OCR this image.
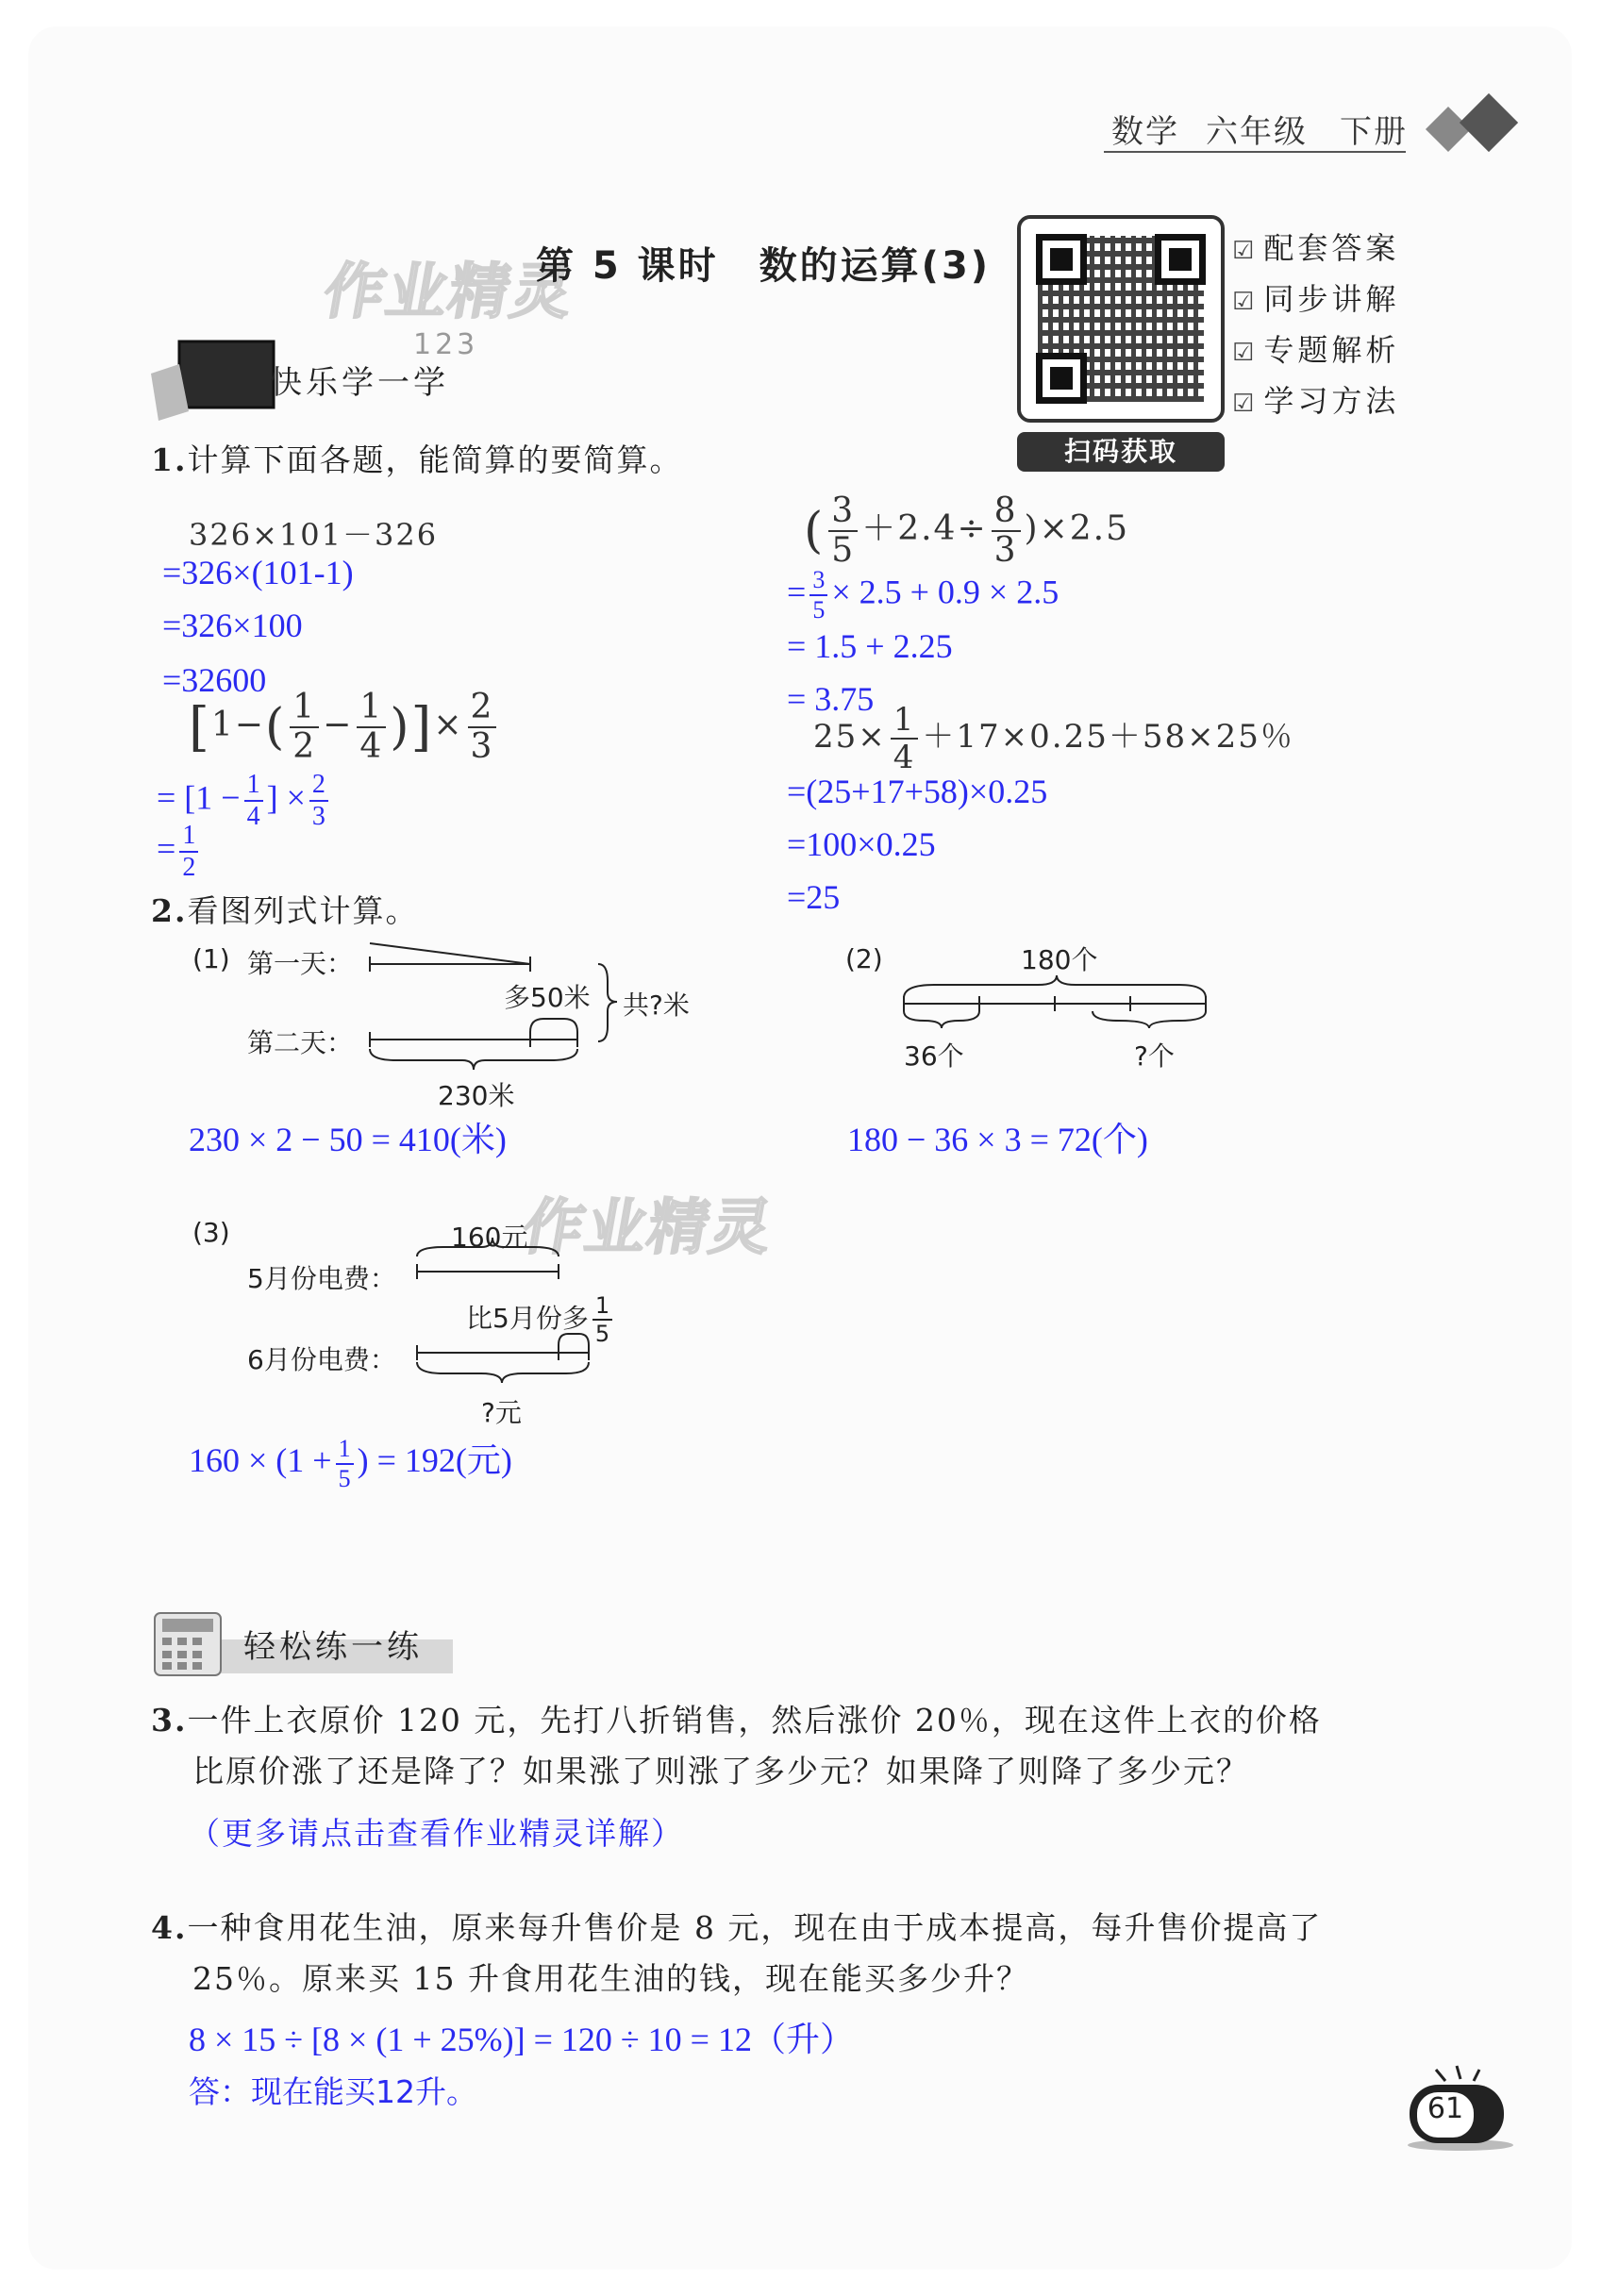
数学 六年级 下册
作业精灵
第 5 课时　数的运算(3)
扫码获取
☑ 配套答案
☑ 同步讲解
☑ 专题解析
☑ 学习方法
快乐学一学
123
1.计算下面各题，能简算的要简算。
326×101－326
=326×(101-1)
=326×100
=32600
[$1-( \frac{1}{2} - \frac{1}{4}$ )]× $\frac{2}{3}$
= [$1 - \frac{1}{4}$ ] × $\frac{2}{3}$
= $\frac{1}{2}$
( $\frac{3}{5} +2.4\div \frac{8}{3} )\times 2.5$
= $\frac{3}{5} \times 2.5 + 0.9 \times 2.5$
= 1.5 + 2.25
= 3.75
$25\times \frac{1}{4} +17\times 0.25+58\times 25$％
=(25+17+58)×0.25
=100×0.25
=25
2.看图列式计算。
(1) 第一天：
第二天：
多50米 共?米
230米
230 × 2 − 50 = 410(米)
(2)	180个
36个	?个
180 − 36 × 3 = 72(个)
作业精灵
(3)	160元
5月份电费：
6月份电费：
比5月份多 $\frac{1}{5}$
?元
$160 \times (1 + \frac{1}{5}$ ) = 192(元)
轻松练一练
3.一件上衣原价 120 元，先打八折销售，然后涨价 20％，现在这件上衣的价格
比原价涨了还是降了？如果涨了则涨了多少元？如果降了则降了多少元？
（更多请点击查看作业精灵详解）
4.一种食用花生油，原来每升售价是 8 元，现在由于成本提高，每升售价提高了
25％。原来买 15 升食用花生油的钱，现在能买多少升？
8 × 15 ÷ [8 × (1 + 25%)] = 120 ÷ 10 = 12（升）
答：现在能买12升。	61
